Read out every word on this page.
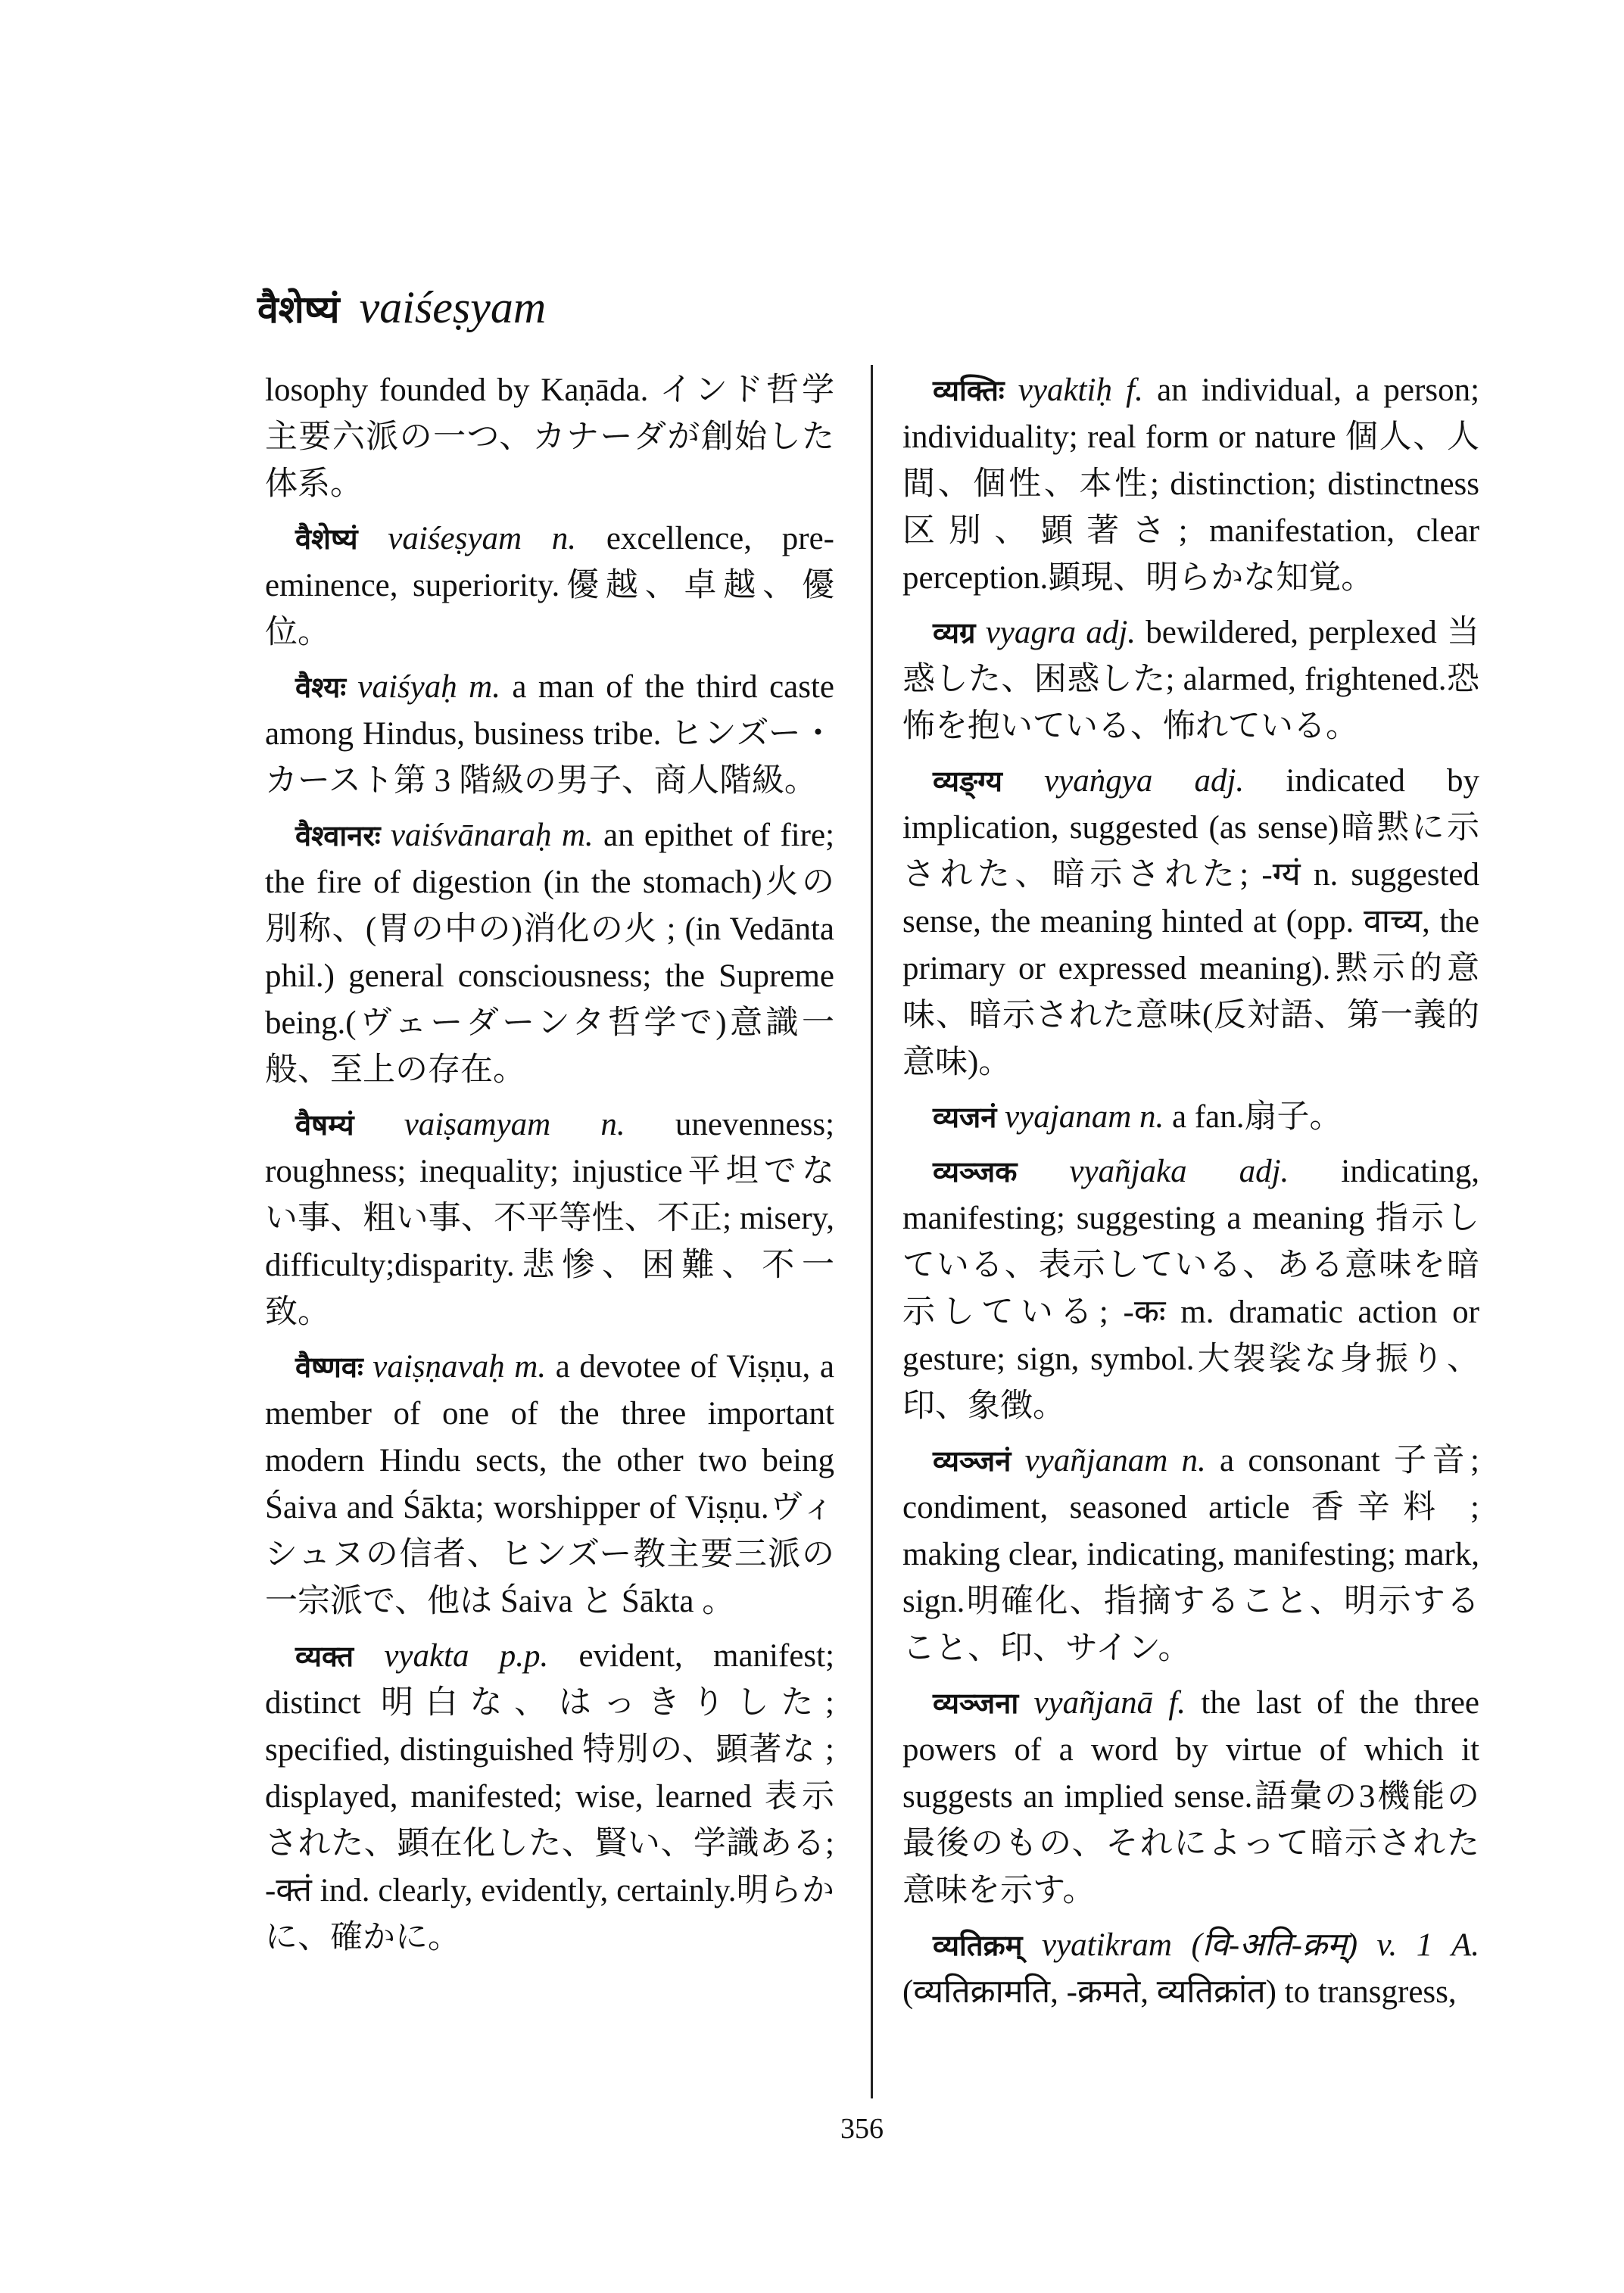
वैशेष्यं vaiśeṣyam

losophy founded by Kaṇāda. インド哲学主要六派の一つ、カナーダが創始した体系。

वैशेष्यं vaiśeṣyam n. excellence, pre-eminence, superiority.優越、卓越、優位。

वैश्यः vaiśyaḥ m. a man of the third caste among Hindus, business tribe. ヒンズー・カースト第 3 階級の男子、商人階級。

वैश्वानरः vaiśvānaraḥ m. an epithet of fire; the fire of digestion (in the stomach)火の別称、(胃の中の)消化の火 ; (in Vedānta phil.) general consciousness; the Supreme being.(ヴェーダーンタ哲学で)意識一般、至上の存在。

वैषम्यं vaiṣamyam n. unevenness; roughness; inequality; injustice平坦でない事、粗い事、不平等性、不正; misery, difficulty;disparity.悲惨、困難、不一致。

वैष्णवः vaiṣṇavaḥ m. a devotee of Viṣṇu, a member of one of the three important modern Hindu sects, the other two being Śaiva and Śākta; worshipper of Viṣṇu.ヴィシュヌの信者、ヒンズー教主要三派の一宗派で、他は Śaiva と Śākta 。

व्यक्त vyakta p.p. evident, manifest; distinct 明白な、はっきりした; specified, distinguished 特別の、顕著な ; displayed, manifested; wise, learned 表示された、顕在化した、賢い、学識ある; -क्तं ind. clearly, evidently, certainly.明らかに、確かに。

व्यक्तिः vyaktiḥ f. an individual, a person; individuality; real form or nature 個人、人間、個性、本性; distinction; distinctness 区別、顕著さ; manifestation, clear perception.顕現、明らかな知覚。

व्यग्र vyagra adj. bewildered, perplexed 当惑した、困惑した; alarmed, frightened.恐怖を抱いている、怖れている。

व्यङ्ग्य vyaṅgya adj. indicated by implication, suggested (as sense)暗黙に示された、暗示された; -ग्यं n. suggested sense, the meaning hinted at (opp. वाच्य, the primary or expressed meaning).黙示的意味、暗示された意味(反対語、第一義的意味)。

व्यजनं vyajanam n. a fan.扇子。

व्यञ्जक vyañjaka adj. indicating, manifesting; suggesting a meaning 指示している、表示している、ある意味を暗示している; -कः m. dramatic action or gesture; sign, symbol.大袈裟な身振り、印、象徴。

व्यञ्जनं vyañjanam n. a consonant 子音; condiment, seasoned article 香辛料 ; making clear, indicating, manifesting; mark, sign.明確化、指摘すること、明示すること、印、サイン。

व्यञ्जना vyañjanā f. the last of the three powers of a word by virtue of which it suggests an implied sense.語彙の3機能の最後のもの、それによって暗示された意味を示す。

व्यतिक्रम् vyatikram (वि-अति-क्रम्) v. 1 A. (व्यतिक्रामति, -क्रमते, व्यतिक्रांत) to transgress,

356
